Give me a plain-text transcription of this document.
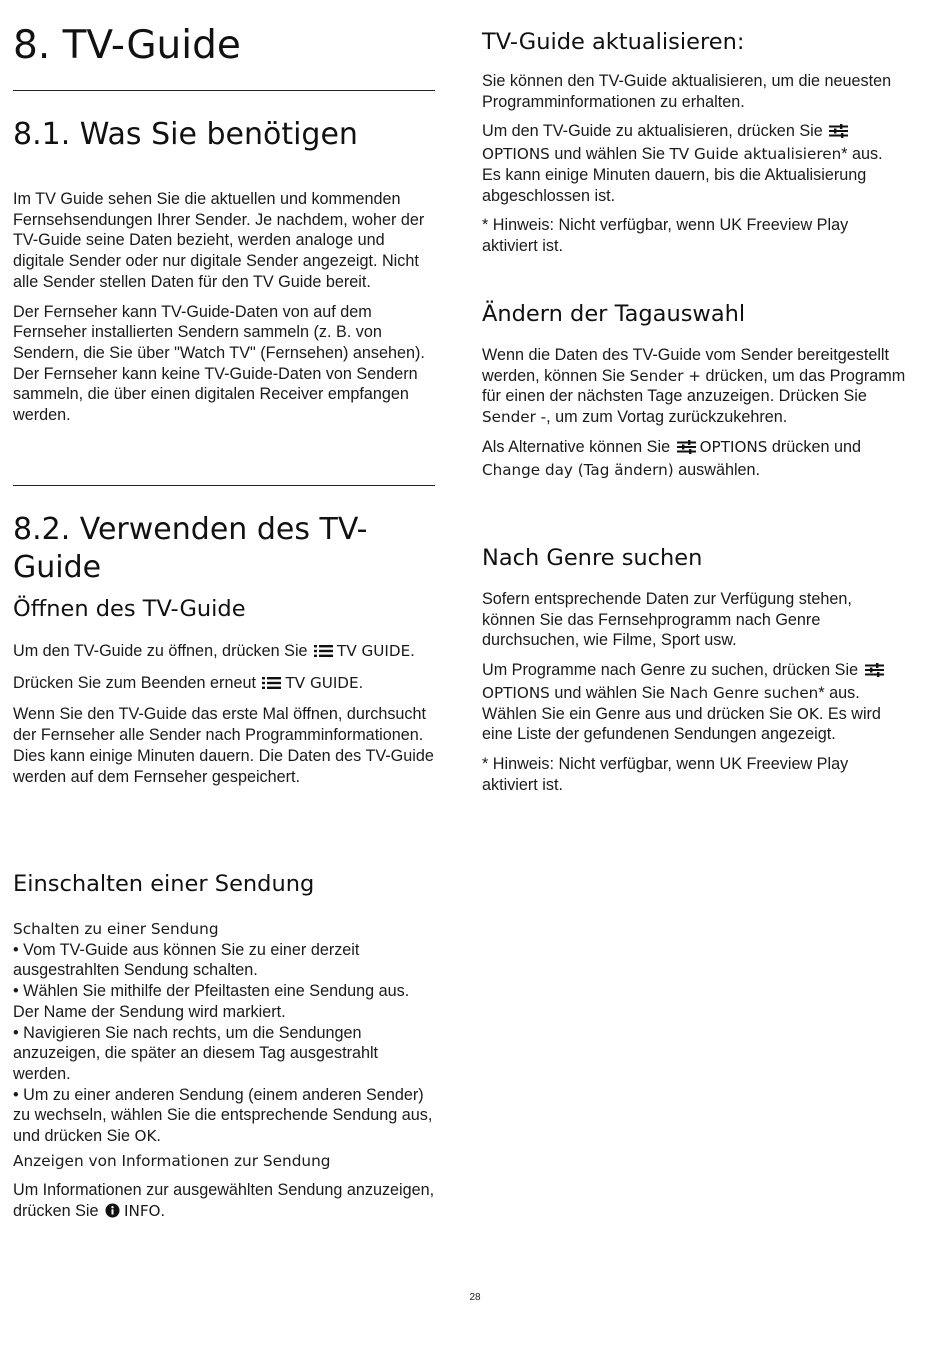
8. TV-Guide
8.1. Was Sie benötigen

Im TV Guide sehen Sie die aktuellen und kommenden Fernsehsendungen Ihrer Sender. Je nachdem, woher der TV-Guide seine Daten bezieht, werden analoge und digitale Sender oder nur digitale Sender angezeigt. Nicht alle Sender stellen Daten für den TV Guide bereit.

Der Fernseher kann TV-Guide-Daten von auf dem Fernseher installierten Sendern sammeln (z. B. von Sendern, die Sie über "Watch TV" (Fernsehen) ansehen). Der Fernseher kann keine TV-Guide-Daten von Sendern sammeln, die über einen digitalen Receiver empfangen werden.

8.2. Verwenden des TV-Guide
Öffnen des TV-Guide

Um den TV-Guide zu öffnen, drücken Sie TV GUIDE.

Drücken Sie zum Beenden erneut TV GUIDE.

Wenn Sie den TV-Guide das erste Mal öffnen, durchsucht der Fernseher alle Sender nach Programminformationen. Dies kann einige Minuten dauern. Die Daten des TV-Guide werden auf dem Fernseher gespeichert.

Einschalten einer Sendung
Schalten zu einer Sendung

• Vom TV-Guide aus können Sie zu einer derzeit ausgestrahlten Sendung schalten.

• Wählen Sie mithilfe der Pfeiltasten eine Sendung aus. Der Name der Sendung wird markiert.

• Navigieren Sie nach rechts, um die Sendungen anzuzeigen, die später an diesem Tag ausgestrahlt werden.

• Um zu einer anderen Sendung (einem anderen Sender) zu wechseln, wählen Sie die entsprechende Sendung aus, und drücken Sie OK.

Anzeigen von Informationen zur Sendung

Um Informationen zur ausgewählten Sendung anzuzeigen, drücken Sie INFO.

TV-Guide aktualisieren:

Sie können den TV-Guide aktualisieren, um die neuesten Programminformationen zu erhalten.

Um den TV-Guide zu aktualisieren, drücken Sie OPTIONS und wählen Sie TV Guide aktualisieren* aus. Es kann einige Minuten dauern, bis die Aktualisierung abgeschlossen ist.

* Hinweis: Nicht verfügbar, wenn UK Freeview Play aktiviert ist.

Ändern der Tagauswahl

Wenn die Daten des TV-Guide vom Sender bereitgestellt werden, können Sie Sender + drücken, um das Programm für einen der nächsten Tage anzuzeigen. Drücken Sie Sender -, um zum Vortag zurückzukehren.

Als Alternative können Sie OPTIONS drücken und Change day (Tag ändern) auswählen.

Nach Genre suchen

Sofern entsprechende Daten zur Verfügung stehen, können Sie das Fernsehprogramm nach Genre durchsuchen, wie Filme, Sport usw.

Um Programme nach Genre zu suchen, drücken Sie OPTIONS und wählen Sie Nach Genre suchen* aus.

Wählen Sie ein Genre aus und drücken Sie OK. Es wird eine Liste der gefundenen Sendungen angezeigt.

* Hinweis: Nicht verfügbar, wenn UK Freeview Play aktiviert ist.

28
